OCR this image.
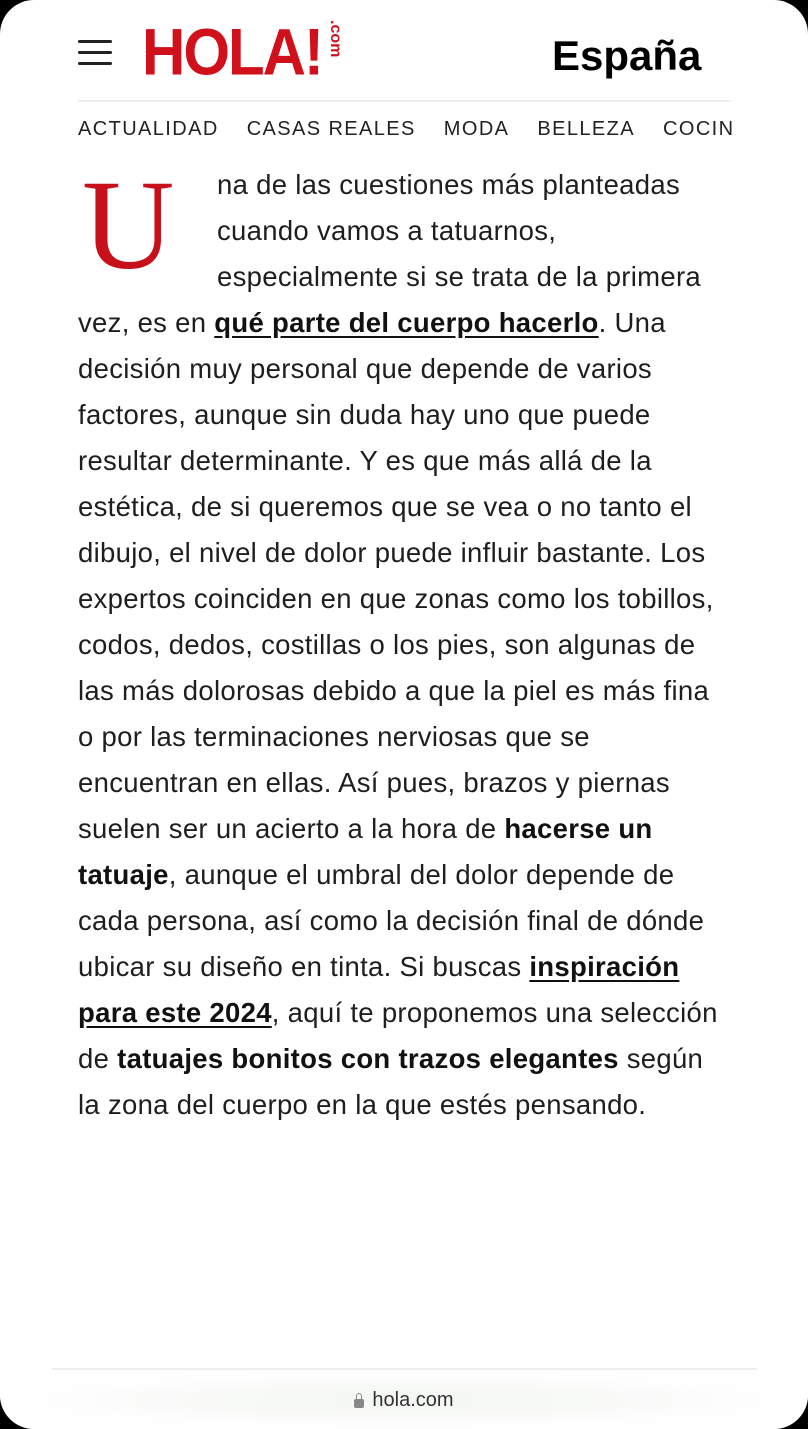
HOLA! .com	España
ACTUALIDAD CASAS REALES MODA BELLEZA COCIN
U	na de las cuestiones más planteadas cuando vamos a tatuarnos, especialmente si se trata de la primera vez, es en qué parte del cuerpo hacerlo. Una decisión muy personal que depende de varios factores, aunque sin duda hay uno que puede resultar determinante. Y es que más allá de la estética, de si queremos que se vea o no tanto el dibujo, el nivel de dolor puede influir bastante. Los expertos coinciden en que zonas como los tobillos, codos, dedos, costillas o los pies, son algunas de las más dolorosas debido a que la piel es más fina o por las terminaciones nerviosas que se encuentran en ellas. Así pues, brazos y piernas suelen ser un acierto a la hora de hacerse un tatuaje, aunque el umbral del dolor depende de cada persona, así como la decisión final de dónde ubicar su diseño en tinta. Si buscas inspiración para este 2024, aquí te proponemos una selección de tatuajes bonitos con trazos elegantes según la zona del cuerpo en la que estés pensando.
hola.com
